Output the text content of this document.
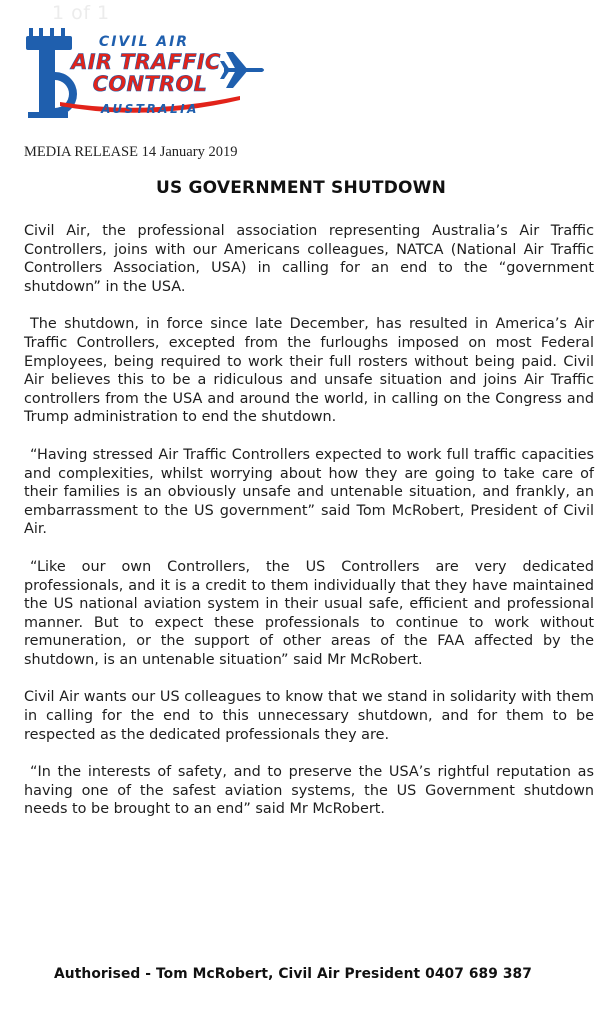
1 of 1
CIVIL AIR
AIR TRAFFIC
CONTROL
AUSTRALIA
MEDIA RELEASE 14 January 2019
US GOVERNMENT SHUTDOWN

Civil Air, the professional association representing Australia’s Air Traffic Controllers, joins with our Americans colleagues, NATCA (National Air Traffic Controllers Association, USA) in calling for an end to the “government shutdown” in the USA.

The shutdown, in force since late December, has resulted in America’s Air Traffic Controllers, excepted from the furloughs imposed on most Federal Employees, being required to work their full rosters without being paid. Civil Air believes this to be a ridiculous and unsafe situation and joins Air Traffic controllers from the USA and around the world, in calling on the Congress and Trump administration to end the shutdown.

“Having stressed Air Traffic Controllers expected to work full traffic capacities and complexities, whilst worrying about how they are going to take care of their families is an obviously unsafe and untenable situation, and frankly, an embarrassment to the US government” said Tom McRobert, President of Civil Air.

“Like our own Controllers, the US Controllers are very dedicated professionals, and it is a credit to them individually that they have maintained the US national aviation system in their usual safe, efficient and professional manner. But to expect these professionals to continue to work without remuneration, or the support of other areas of the FAA affected by the shutdown, is an untenable situation” said Mr McRobert.

Civil Air wants our US colleagues to know that we stand in solidarity with them in calling for the end to this unnecessary shutdown, and for them to be respected as the dedicated professionals they are.

“In the interests of safety, and to preserve the USA’s rightful reputation as having one of the safest aviation systems, the US Government shutdown needs to be brought to an end” said Mr McRobert.

Authorised - Tom McRobert, Civil Air President 0407 689 387
